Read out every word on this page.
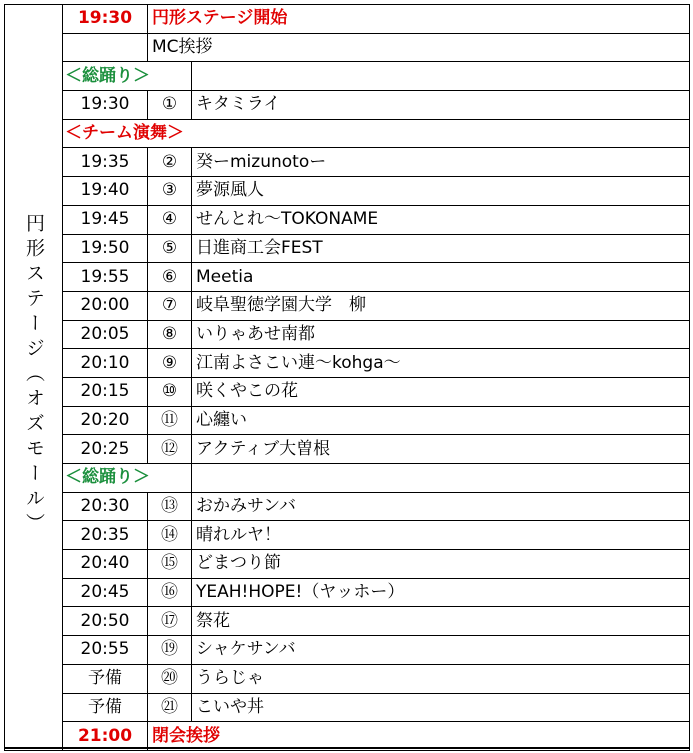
円形ステージ（オズモール）	19:30	円形ステージ開始	
		MC挨拶	
	＜総踊り＞		
	19:30	①	キタミライ
	＜チーム演舞＞		
	19:35	②	癸ーmizunotoー
	19:40	③	夢源風人
	19:45	④	せんとれ〜TOKONAME
	19:50	⑤	日進商工会FEST
	19:55	⑥	Meetia
	20:00	⑦	岐阜聖徳学園大学　柳
	20:05	⑧	いりゃあせ南都
	20:10	⑨	江南よさこい連〜kohga〜
	20:15	⑩	咲くやこの花
	20:20	⑪	心纏い
	20:25	⑫	アクティブ大曽根
	＜総踊り＞		
	20:30	⑬	おかみサンバ
	20:35	⑭	晴れルヤ！
	20:40	⑮	どまつり節
	20:45	⑯	YEAH!HOPE!（ヤッホー）
	20:50	⑰	祭花
	20:55	⑲	シャケサンバ
	予備	⑳	うらじゃ
	予備	㉑	こいや丼
	21:00	閉会挨拶	
